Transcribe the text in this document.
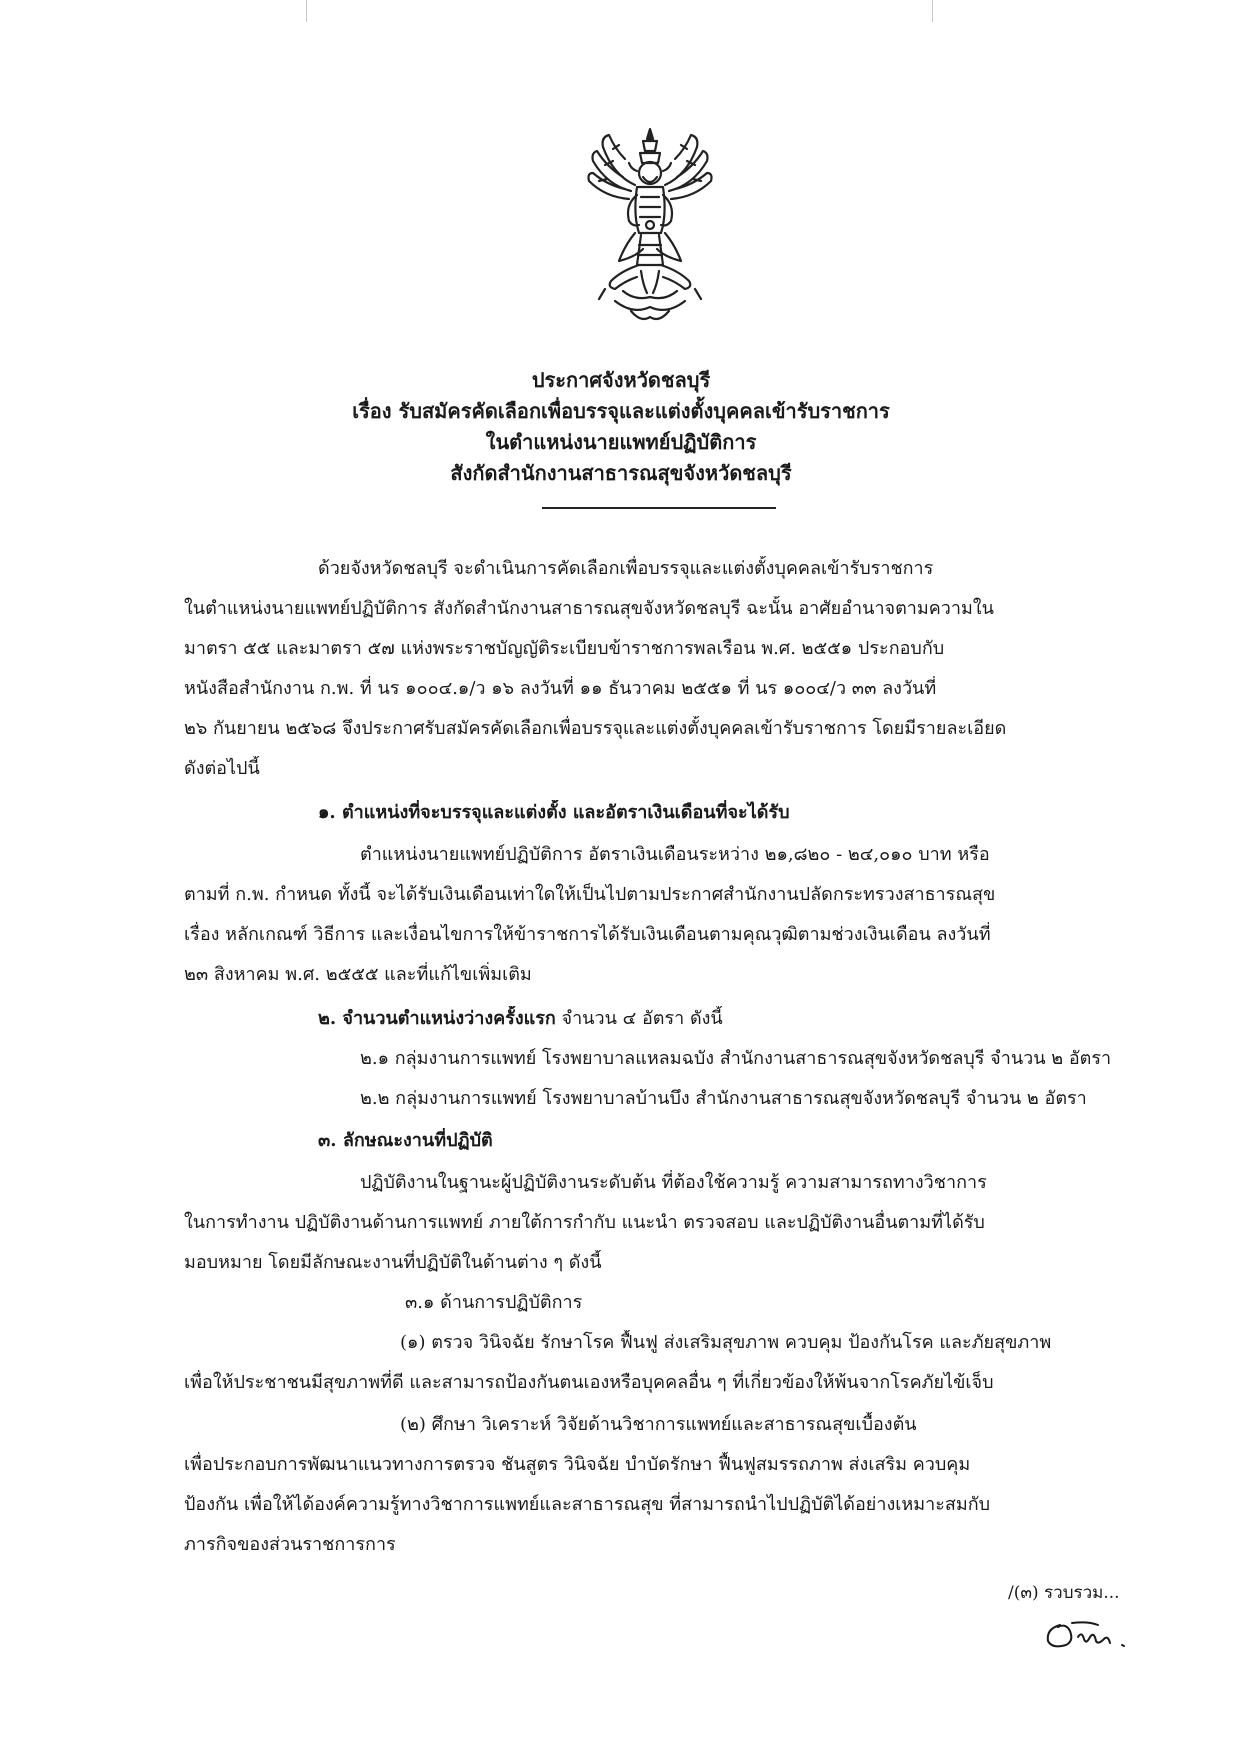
ประกาศจังหวัดชลบุรี
เรื่อง รับสมัครคัดเลือกเพื่อบรรจุและแต่งตั้งบุคคลเข้ารับราชการ
ในตำแหน่งนายแพทย์ปฏิบัติการ
สังกัดสำนักงานสาธารณสุขจังหวัดชลบุรี
ด้วยจังหวัดชลบุรี จะดำเนินการคัดเลือกเพื่อบรรจุและแต่งตั้งบุคคลเข้ารับราชการ
ในตำแหน่งนายแพทย์ปฏิบัติการ สังกัดสำนักงานสาธารณสุขจังหวัดชลบุรี ฉะนั้น อาศัยอำนาจตามความใน
มาตรา ๕๕ และมาตรา ๕๗ แห่งพระราชบัญญัติระเบียบข้าราชการพลเรือน พ.ศ. ๒๕๕๑ ประกอบกับ
หนังสือสำนักงาน ก.พ. ที่ นร ๑๐๐๔.๑/ว ๑๖ ลงวันที่ ๑๑ ธันวาคม ๒๕๕๑ ที่ นร ๑๐๐๔/ว ๓๓ ลงวันที่
๒๖ กันยายน ๒๕๖๘ จึงประกาศรับสมัครคัดเลือกเพื่อบรรจุและแต่งตั้งบุคคลเข้ารับราชการ โดยมีรายละเอียด
ดังต่อไปนี้
๑. ตำแหน่งที่จะบรรจุและแต่งตั้ง และอัตราเงินเดือนที่จะได้รับ
ตำแหน่งนายแพทย์ปฏิบัติการ อัตราเงินเดือนระหว่าง ๒๑,๘๒๐ - ๒๔,๐๑๐ บาท หรือ
ตามที่ ก.พ. กำหนด ทั้งนี้ จะได้รับเงินเดือนเท่าใดให้เป็นไปตามประกาศสำนักงานปลัดกระทรวงสาธารณสุข
เรื่อง หลักเกณฑ์ วิธีการ และเงื่อนไขการให้ข้าราชการได้รับเงินเดือนตามคุณวุฒิตามช่วงเงินเดือน ลงวันที่
๒๓ สิงหาคม พ.ศ. ๒๕๕๕ และที่แก้ไขเพิ่มเติม
๒. จำนวนตำแหน่งว่างครั้งแรก จำนวน ๔ อัตรา ดังนี้
๒.๑ กลุ่มงานการแพทย์ โรงพยาบาลแหลมฉบัง สำนักงานสาธารณสุขจังหวัดชลบุรี จำนวน ๒ อัตรา
๒.๒ กลุ่มงานการแพทย์ โรงพยาบาลบ้านบึง สำนักงานสาธารณสุขจังหวัดชลบุรี จำนวน ๒ อัตรา
๓. ลักษณะงานที่ปฏิบัติ
ปฏิบัติงานในฐานะผู้ปฏิบัติงานระดับต้น ที่ต้องใช้ความรู้ ความสามารถทางวิชาการ
ในการทำงาน ปฏิบัติงานด้านการแพทย์ ภายใต้การกำกับ แนะนำ ตรวจสอบ และปฏิบัติงานอื่นตามที่ได้รับ
มอบหมาย โดยมีลักษณะงานที่ปฏิบัติในด้านต่าง ๆ ดังนี้
๓.๑ ด้านการปฏิบัติการ
(๑) ตรวจ วินิจฉัย รักษาโรค ฟื้นฟู ส่งเสริมสุขภาพ ควบคุม ป้องกันโรค และภัยสุขภาพ
เพื่อให้ประชาชนมีสุขภาพที่ดี และสามารถป้องกันตนเองหรือบุคคลอื่น ๆ ที่เกี่ยวข้องให้พ้นจากโรคภัยไข้เจ็บ
(๒) ศึกษา วิเคราะห์ วิจัยด้านวิชาการแพทย์และสาธารณสุขเบื้องต้น
เพื่อประกอบการพัฒนาแนวทางการตรวจ ชันสูตร วินิจฉัย บำบัดรักษา ฟื้นฟูสมรรถภาพ ส่งเสริม ควบคุม
ป้องกัน เพื่อให้ได้องค์ความรู้ทางวิชาการแพทย์และสาธารณสุข ที่สามารถนำไปปฏิบัติได้อย่างเหมาะสมกับ
ภารกิจของส่วนราชการการ
/(๓) รวบรวม...
